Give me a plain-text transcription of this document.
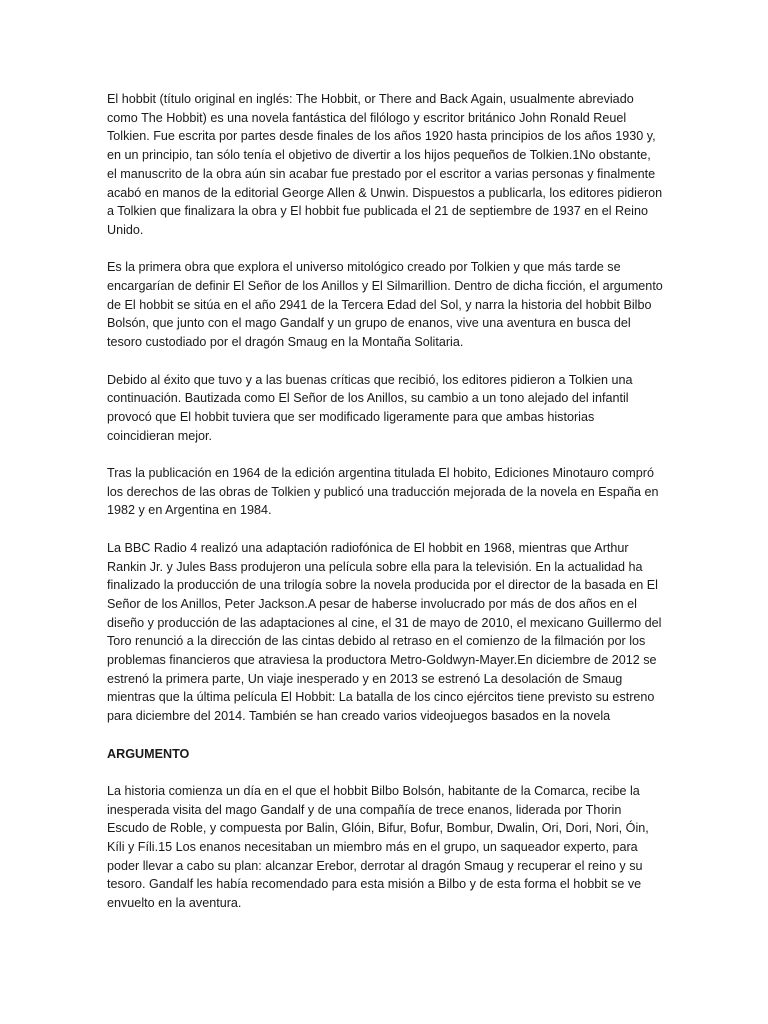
El hobbit (título original en inglés: The Hobbit, or There and Back Again, usualmente abreviado como The Hobbit) es una novela fantástica del filólogo y escritor británico John Ronald Reuel Tolkien. Fue escrita por partes desde finales de los años 1920 hasta principios de los años 1930 y, en un principio, tan sólo tenía el objetivo de divertir a los hijos pequeños de Tolkien.1No obstante, el manuscrito de la obra aún sin acabar fue prestado por el escritor a varias personas y finalmente acabó en manos de la editorial George Allen & Unwin. Dispuestos a publicarla, los editores pidieron a Tolkien que finalizara la obra y El hobbit fue publicada el 21 de septiembre de 1937 en el Reino Unido.

Es la primera obra que explora el universo mitológico creado por Tolkien y que más tarde se encargarían de definir El Señor de los Anillos y El Silmarillion. Dentro de dicha ficción, el argumento de El hobbit se sitúa en el año 2941 de la Tercera Edad del Sol, y narra la historia del hobbit Bilbo Bolsón, que junto con el mago Gandalf y un grupo de enanos, vive una aventura en busca del tesoro custodiado por el dragón Smaug en la Montaña Solitaria.

Debido al éxito que tuvo y a las buenas críticas que recibió, los editores pidieron a Tolkien una continuación. Bautizada como El Señor de los Anillos, su cambio a un tono alejado del infantil provocó que El hobbit tuviera que ser modificado ligeramente para que ambas historias coincidieran mejor.

Tras la publicación en 1964 de la edición argentina titulada El hobito, Ediciones Minotauro compró los derechos de las obras de Tolkien y publicó una traducción mejorada de la novela en España en 1982 y en Argentina en 1984.

La BBC Radio 4 realizó una adaptación radiofónica de El hobbit en 1968, mientras que Arthur Rankin Jr. y Jules Bass produjeron una película sobre ella para la televisión. En la actualidad ha finalizado la producción de una trilogía sobre la novela producida por el director de la basada en El Señor de los Anillos, Peter Jackson.A pesar de haberse involucrado por más de dos años en el diseño y producción de las adaptaciones al cine, el 31 de mayo de 2010, el mexicano Guillermo del Toro renunció a la dirección de las cintas debido al retraso en el comienzo de la filmación por los problemas financieros que atraviesa la productora Metro-Goldwyn-Mayer.En diciembre de 2012 se estrenó la primera parte, Un viaje inesperado y en 2013 se estrenó La desolación de Smaug mientras que la última película El Hobbit: La batalla de los cinco ejércitos tiene previsto su estreno para diciembre del 2014. También se han creado varios videojuegos basados en la novela

ARGUMENTO

La historia comienza un día en el que el hobbit Bilbo Bolsón, habitante de la Comarca, recibe la inesperada visita del mago Gandalf y de una compañía de trece enanos, liderada por Thorin Escudo de Roble, y compuesta por Balin, Glóin, Bifur, Bofur, Bombur, Dwalin, Ori, Dori, Nori, Óin, Kíli y Fíli.15 Los enanos necesitaban un miembro más en el grupo, un saqueador experto, para poder llevar a cabo su plan: alcanzar Erebor, derrotar al dragón Smaug y recuperar el reino y su tesoro. Gandalf les había recomendado para esta misión a Bilbo y de esta forma el hobbit se ve envuelto en la aventura.
